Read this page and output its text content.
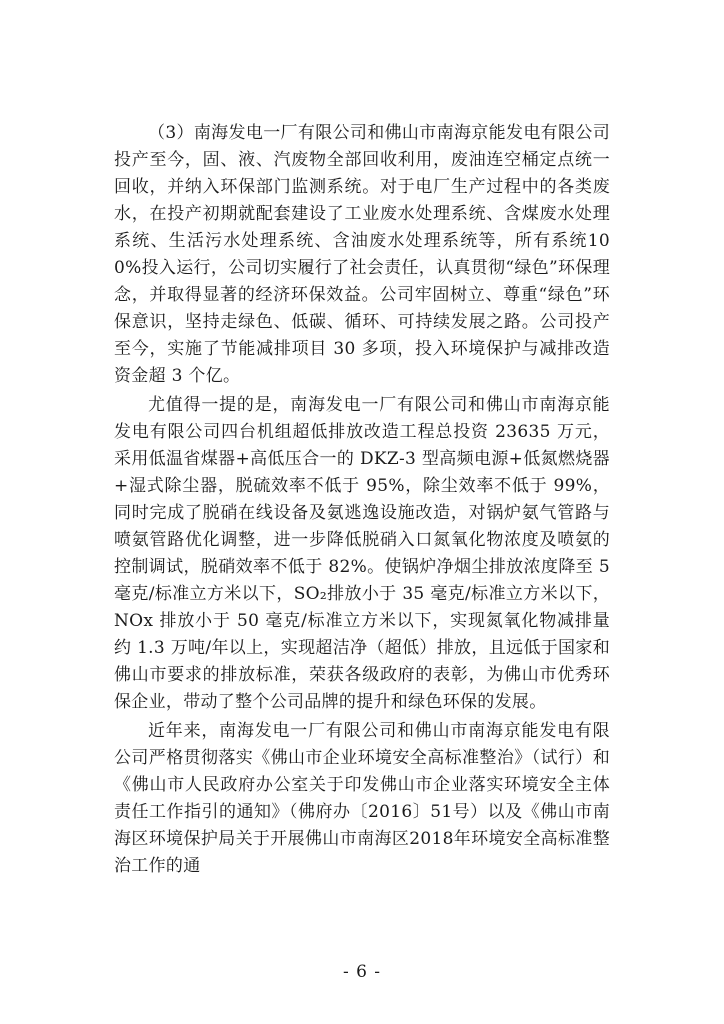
（3）南海发电一厂有限公司和佛山市南海京能发电有限公司投产至今，固、液、汽废物全部回收利用，废油连空桶定点统一回收，并纳入环保部门监测系统。对于电厂生产过程中的各类废水，在投产初期就配套建设了工业废水处理系统、含煤废水处理系统、生活污水处理系统、含油废水处理系统等，所有系统100%投入运行，公司切实履行了社会责任，认真贯彻“绿色”环保理念，并取得显著的经济环保效益。公司牢固树立、尊重“绿色”环保意识，坚持走绿色、低碳、循环、可持续发展之路。公司投产至今，实施了节能减排项目 30 多项，投入环境保护与减排改造资金超 3 个亿。

尤值得一提的是，南海发电一厂有限公司和佛山市南海京能发电有限公司四台机组超低排放改造工程总投资 23635 万元，采用低温省煤器+高低压合一的 DKZ-3 型高频电源+低氮燃烧器+湿式除尘器，脱硫效率不低于 95%，除尘效率不低于 99%，同时完成了脱硝在线设备及氨逃逸设施改造，对锅炉氨气管路与喷氨管路优化调整，进一步降低脱硝入口氮氧化物浓度及喷氨的控制调试，脱硝效率不低于 82%。使锅炉净烟尘排放浓度降至 5 毫克/标准立方米以下，SO₂排放小于 35 毫克/标准立方米以下，NOx 排放小于 50 毫克/标准立方米以下，实现氮氧化物减排量约 1.3 万吨/年以上，实现超洁净（超低）排放，且远低于国家和佛山市要求的排放标准，荣获各级政府的表彰，为佛山市优秀环保企业，带动了整个公司品牌的提升和绿色环保的发展。

近年来，南海发电一厂有限公司和佛山市南海京能发电有限公司严格贯彻落实《佛山市企业环境安全高标准整治》（试行）和《佛山市人民政府办公室关于印发佛山市企业落实环境安全主体责任工作指引的通知》（佛府办〔2016〕51号）以及《佛山市南海区环境保护局关于开展佛山市南海区2018年环境安全高标准整治工作的通

- 6 -
